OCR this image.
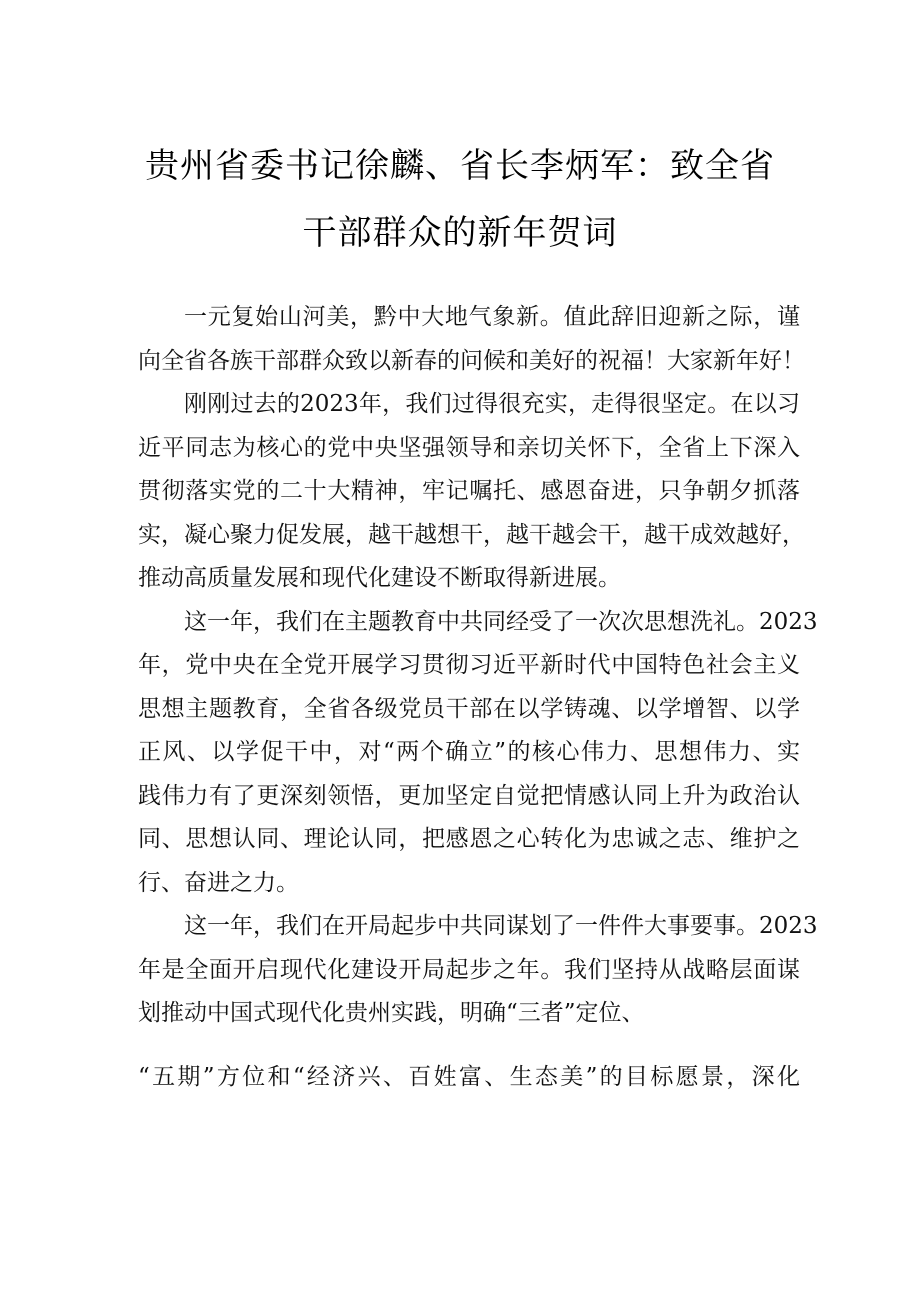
贵州省委书记徐麟、省长李炳军：致全省
干部群众的新年贺词
一元复始山河美，黔中大地气象新。值此辞旧迎新之际，谨
向全省各族干部群众致以新春的问候和美好的祝福！大家新年好！
刚刚过去的2023年，我们过得很充实，走得很坚定。在以习
近平同志为核心的党中央坚强领导和亲切关怀下，全省上下深入
贯彻落实党的二十大精神，牢记嘱托、感恩奋进，只争朝夕抓落
实，凝心聚力促发展，越干越想干，越干越会干，越干成效越好，
推动高质量发展和现代化建设不断取得新进展。
这一年，我们在主题教育中共同经受了一次次思想洗礼。2023
年，党中央在全党开展学习贯彻习近平新时代中国特色社会主义
思想主题教育，全省各级党员干部在以学铸魂、以学增智、以学
正风、以学促干中，对“两个确立”的核心伟力、思想伟力、实
践伟力有了更深刻领悟，更加坚定自觉把情感认同上升为政治认
同、思想认同、理论认同，把感恩之心转化为忠诚之志、维护之
行、奋进之力。
这一年，我们在开局起步中共同谋划了一件件大事要事。2023
年是全面开启现代化建设开局起步之年。我们坚持从战略层面谋
划推动中国式现代化贵州实践，明确“三者”定位、
“五期”方位和“经济兴、百姓富、生态美”的目标愿景，深化
